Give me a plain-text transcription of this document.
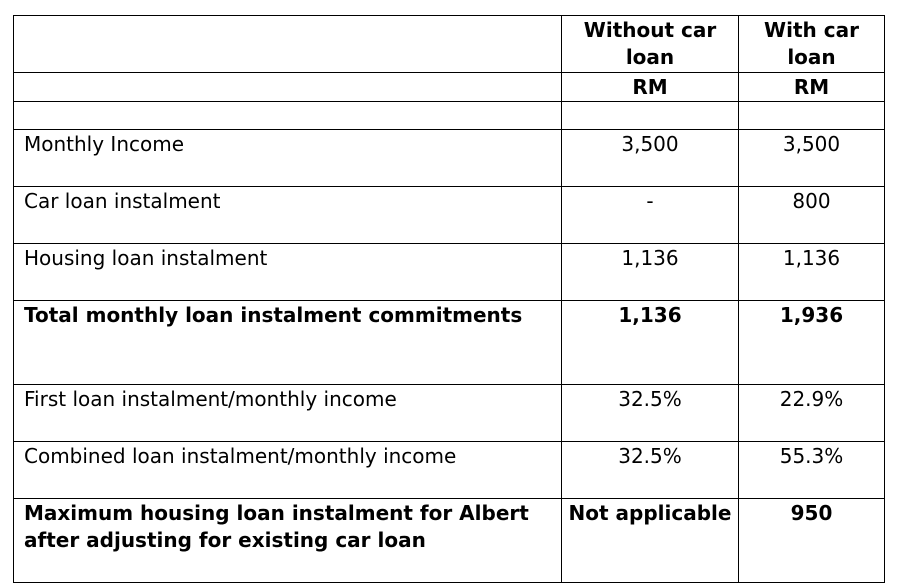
	Without car loan	With car loan
	RM	RM

Monthly Income	3,500	3,500
Car loan instalment	-	800
Housing loan instalment	1,136	1,136
Total monthly loan instalment commitments	1,136	1,936
First loan instalment/monthly income	32.5%	22.9%
Combined loan instalment/monthly income	32.5%	55.3%
Maximum housing loan instalment for Albert after adjusting for existing car loan	Not applicable	950
